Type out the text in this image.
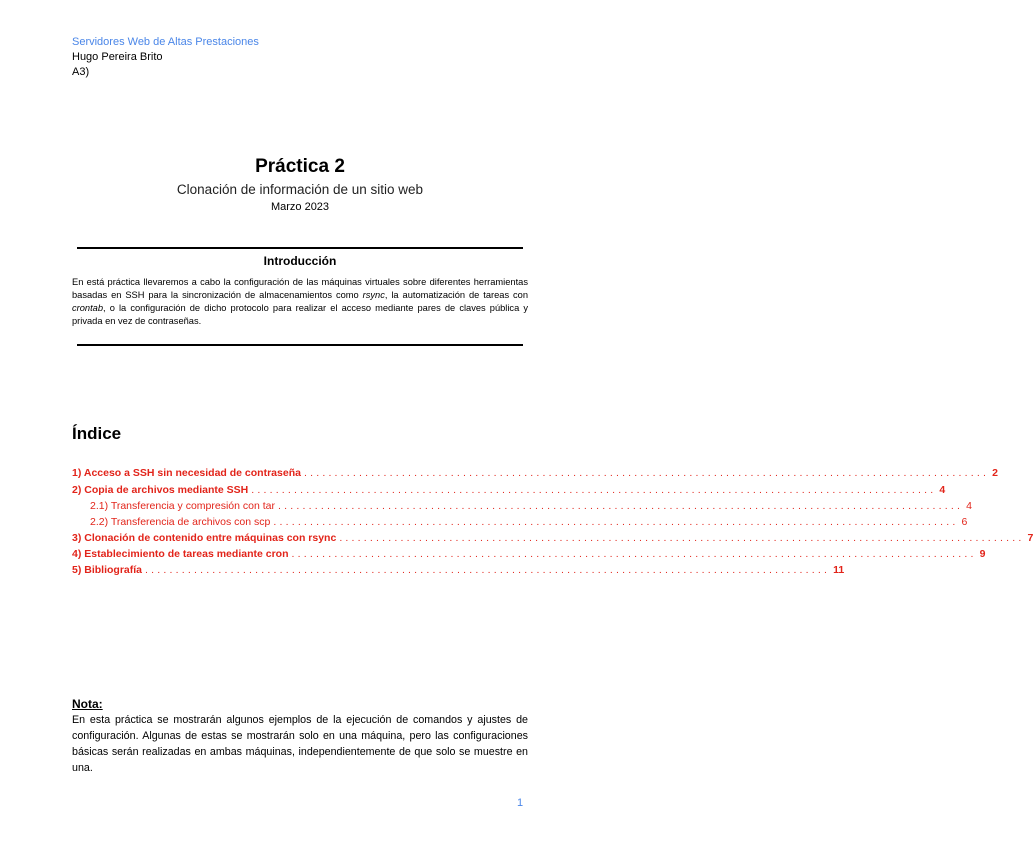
Servidores Web de Altas Prestaciones
Hugo Pereira Brito
A3)
Práctica 2
Clonación de información de un sitio web
Marzo 2023
Introducción
En está práctica llevaremos a cabo la configuración de las máquinas virtuales sobre diferentes herramientas basadas en SSH para la sincronización de almacenamientos como rsync, la automatización de tareas con crontab, o la configuración de dicho protocolo para realizar el acceso mediante pares de claves pública y privada en vez de contraseñas.
Índice
1) Acceso a SSH sin necesidad de contraseña ................................................................................................................ 2
2) Copia de archivos mediante SSH ................................................................................................................ 4
2.1) Transferencia y compresión con tar ................................................................................................................ 4
2.2) Transferencia de archivos con scp ................................................................................................................ 6
3) Clonación de contenido entre máquinas con rsync ................................................................................................................ 7
4) Establecimiento de tareas mediante cron ................................................................................................................ 9
5) Bibliografía ................................................................................................................ 11
Nota:
En esta práctica se mostrarán algunos ejemplos de la ejecución de comandos y ajustes de configuración. Algunas de estas se mostrarán solo en una máquina, pero las configuraciones básicas serán realizadas en ambas máquinas, independientemente de que solo se muestre en una.
1
